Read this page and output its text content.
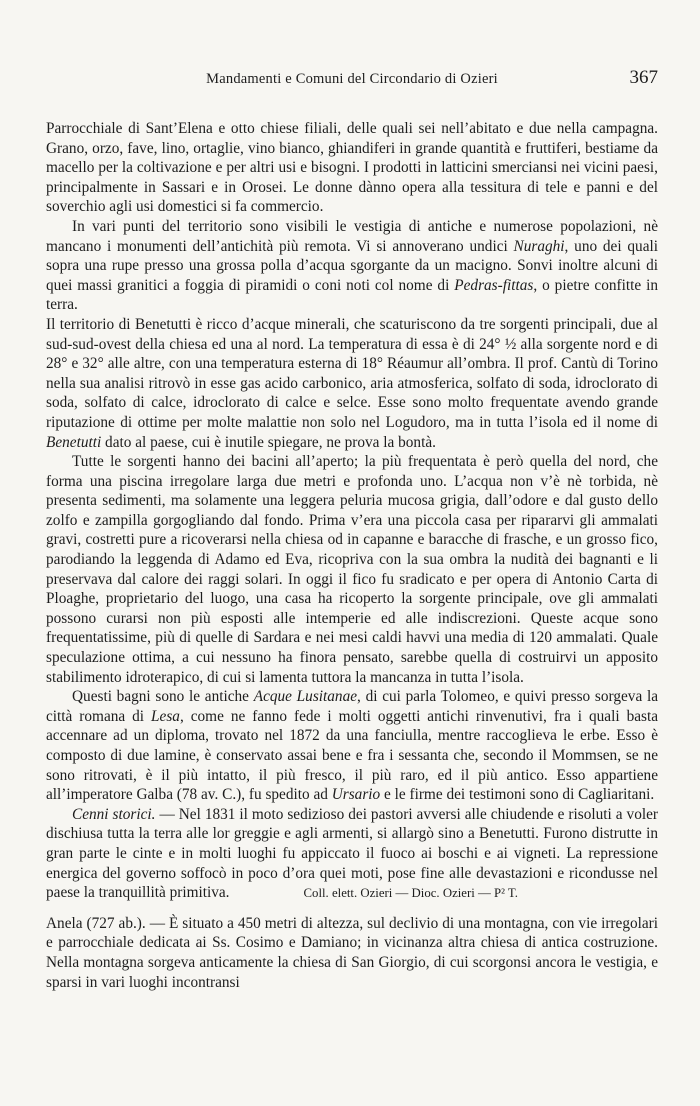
Mandamenti e Comuni del Circondario di Ozieri	367

Parrocchiale di Sant’Elena e otto chiese filiali, delle quali sei nell’abitato e due nella campagna. Grano, orzo, fave, lino, ortaglie, vino bianco, ghiandiferi in grande quantità e fruttiferi, bestiame da macello per la coltivazione e per altri usi e bisogni. I prodotti in latticini smerciansi nei vicini paesi, principalmente in Sassari e in Orosei. Le donne dànno opera alla tessitura di tele e panni e del soverchio agli usi domestici si fa commercio.

In vari punti del territorio sono visibili le vestigia di antiche e numerose popolazioni, nè mancano i monumenti dell’antichità più remota. Vi si annoverano undici Nuraghi, uno dei quali sopra una rupe presso una grossa polla d’acqua sgorgante da un macigno. Sonvi inoltre alcuni di quei massi granitici a foggia di piramidi o coni noti col nome di Pedras-fittas, o pietre confitte in terra.

Il territorio di Benetutti è ricco d’acque minerali, che scaturiscono da tre sorgenti principali, due al sud-sud-ovest della chiesa ed una al nord. La temperatura di essa è di 24° ½ alla sorgente nord e di 28° e 32° alle altre, con una temperatura esterna di 18° Réaumur all’ombra. Il prof. Cantù di Torino nella sua analisi ritrovò in esse gas acido carbonico, aria atmosferica, solfato di soda, idroclorato di soda, solfato di calce, idroclorato di calce e selce. Esse sono molto frequentate avendo grande riputazione di ottime per molte malattie non solo nel Logudoro, ma in tutta l’isola ed il nome di Benetutti dato al paese, cui è inutile spiegare, ne prova la bontà.

Tutte le sorgenti hanno dei bacini all’aperto; la più frequentata è però quella del nord, che forma una piscina irregolare larga due metri e profonda uno. L’acqua non v’è nè torbida, nè presenta sedimenti, ma solamente una leggera peluria mucosa grigia, dall’odore e dal gusto dello zolfo e zampilla gorgogliando dal fondo. Prima v’era una piccola casa per ripararvi gli ammalati gravi, costretti pure a ricoverarsi nella chiesa od in capanne e baracche di frasche, e un grosso fico, parodiando la leggenda di Adamo ed Eva, ricopriva con la sua ombra la nudità dei bagnanti e li preservava dal calore dei raggi solari. In oggi il fico fu sradicato e per opera di Antonio Carta di Ploaghe, proprietario del luogo, una casa ha ricoperto la sorgente principale, ove gli ammalati possono curarsi non più esposti alle intemperie ed alle indiscrezioni. Queste acque sono frequentatissime, più di quelle di Sardara e nei mesi caldi havvi una media di 120 ammalati. Quale speculazione ottima, a cui nessuno ha finora pensato, sarebbe quella di costruirvi un apposito stabilimento idroterapico, di cui si lamenta tuttora la mancanza in tutta l’isola.

Questi bagni sono le antiche Acque Lusitanae, di cui parla Tolomeo, e quivi presso sorgeva la città romana di Lesa, come ne fanno fede i molti oggetti antichi rinvenutivi, fra i quali basta accennare ad un diploma, trovato nel 1872 da una fanciulla, mentre raccoglieva le erbe. Esso è composto di due lamine, è conservato assai bene e fra i sessanta che, secondo il Mommsen, se ne sono ritrovati, è il più intatto, il più fresco, il più raro, ed il più antico. Esso appartiene all’imperatore Galba (78 av. C.), fu spedito ad Ursario e le firme dei testimoni sono di Cagliaritani.

Cenni storici. — Nel 1831 il moto sedizioso dei pastori avversi alle chiudende e risoluti a voler dischiusa tutta la terra alle lor greggie e agli armenti, si allargò sino a Benetutti. Furono distrutte in gran parte le cinte e in molti luoghi fu appiccato il fuoco ai boschi e ai vigneti. La repressione energica del governo soffocò in poco d’ora quei moti, pose fine alle devastazioni e ricondusse nel paese la tranquillità primitiva.	Coll. elett. Ozieri — Dioc. Ozieri — P² T.

Anela (727 ab.). — È situato a 450 metri di altezza, sul declivio di una montagna, con vie irregolari e parrocchiale dedicata ai Ss. Cosimo e Damiano; in vicinanza altra chiesa di antica costruzione. Nella montagna sorgeva anticamente la chiesa di San Giorgio, di cui scorgonsi ancora le vestigia, e sparsi in vari luoghi incontransi
